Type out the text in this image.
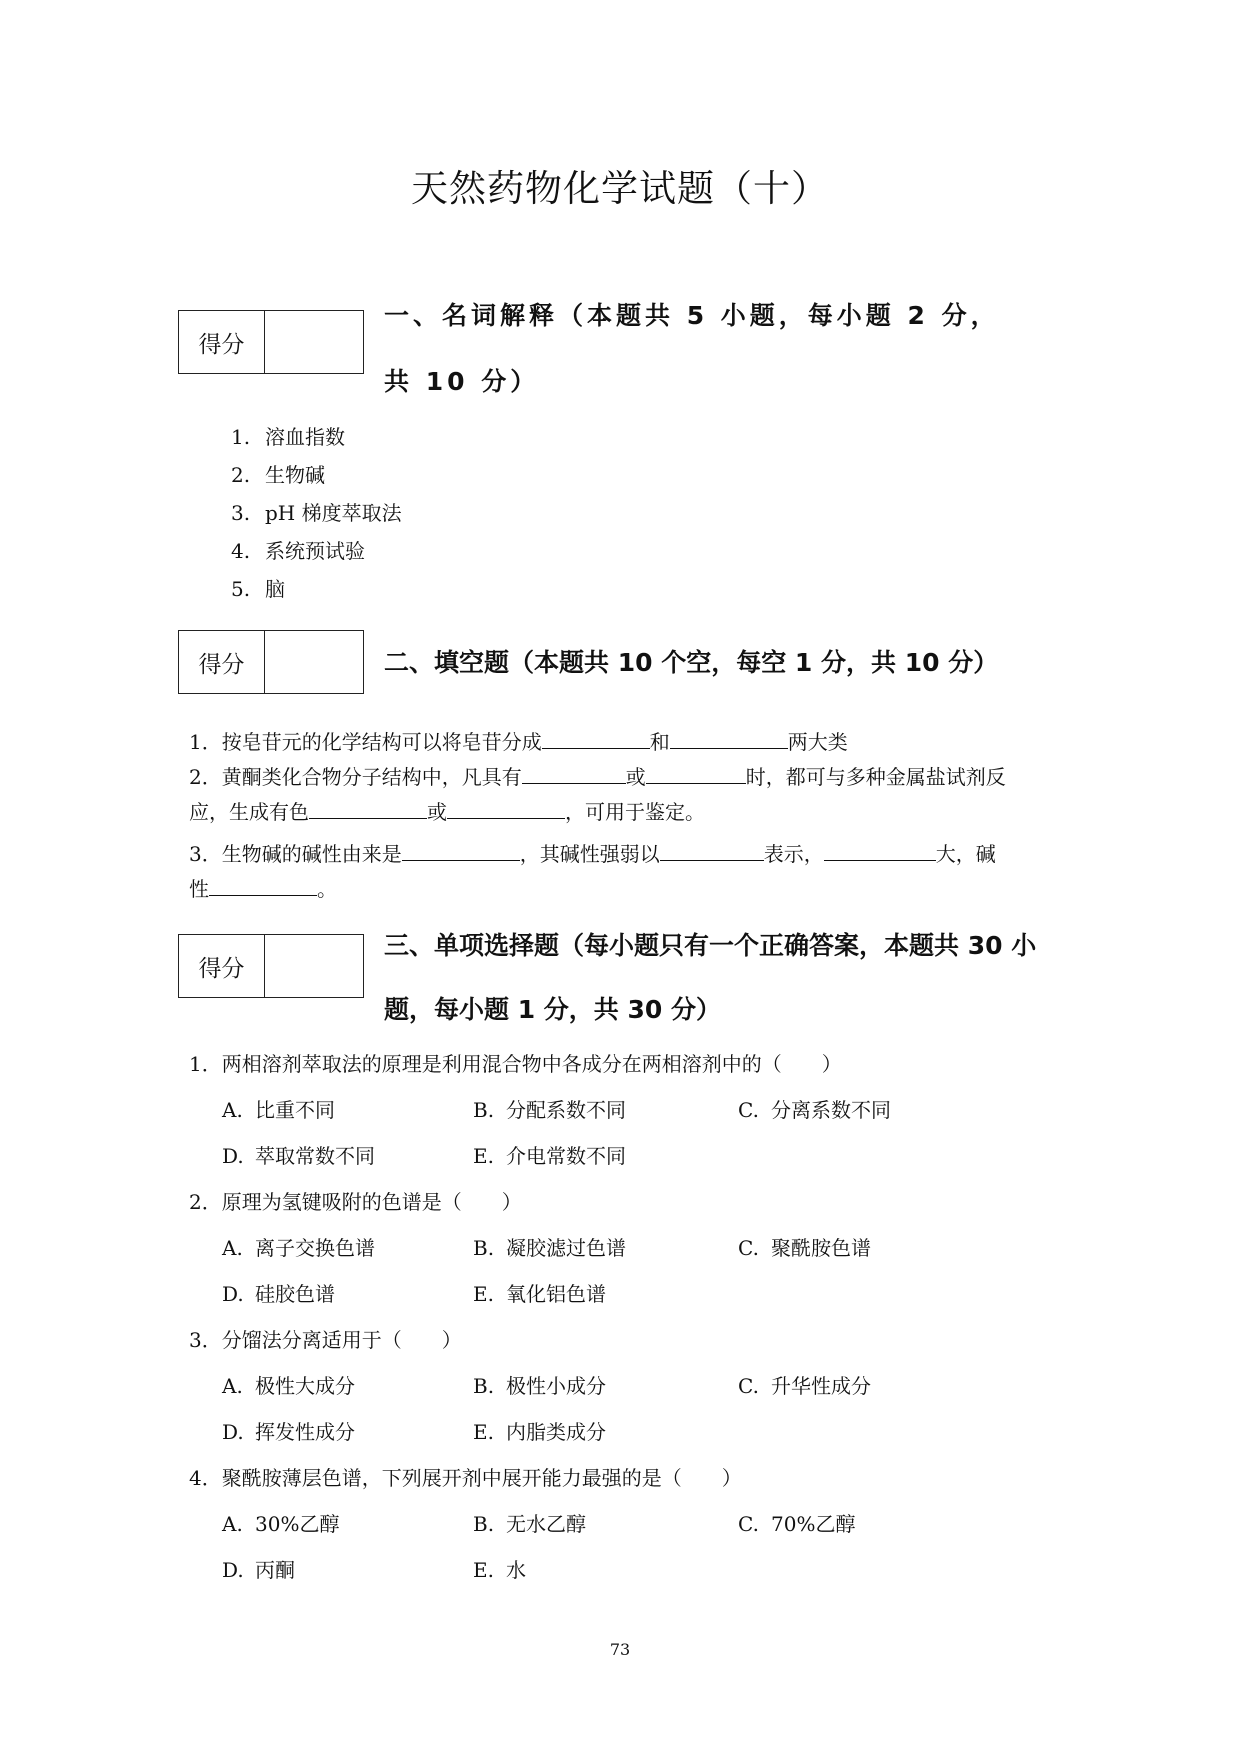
天然药物化学试题（十）
得分
一、名词解释（本题共 5 小题，每小题 2 分，
共 10 分）
1. 溶血指数
2. 生物碱
3. pH 梯度萃取法
4. 系统预试验
5. 脑
得分	二、填空题（本题共 10 个空，每空 1 分，共 10 分）
1．按皂苷元的化学结构可以将皂苷分成	和	两大类
2．黄酮类化合物分子结构中，凡具有	或	时，都可与多种金属盐试剂反
应，生成有色	或	，可用于鉴定。
3．生物碱的碱性由来是	，其碱性强弱以	表示，	大，碱
性	。
得分
三、单项选择题（每小题只有一个正确答案，本题共 30 小
题，每小题 1 分，共 30 分）
1．两相溶剂萃取法的原理是利用混合物中各成分在两相溶剂中的（　　）
A. 比重不同	B. 分配系数不同	C. 分离系数不同
D. 萃取常数不同	E. 介电常数不同
2．原理为氢键吸附的色谱是（　　）
A. 离子交换色谱	B. 凝胶滤过色谱	C. 聚酰胺色谱
D. 硅胶色谱	E. 氧化铝色谱
3．分馏法分离适用于（　　）
A. 极性大成分	B. 极性小成分	C. 升华性成分
D. 挥发性成分	E. 内脂类成分
4．聚酰胺薄层色谱，下列展开剂中展开能力最强的是（　　）
A. 30%乙醇	B. 无水乙醇	C. 70%乙醇
D. 丙酮	E. 水
73
